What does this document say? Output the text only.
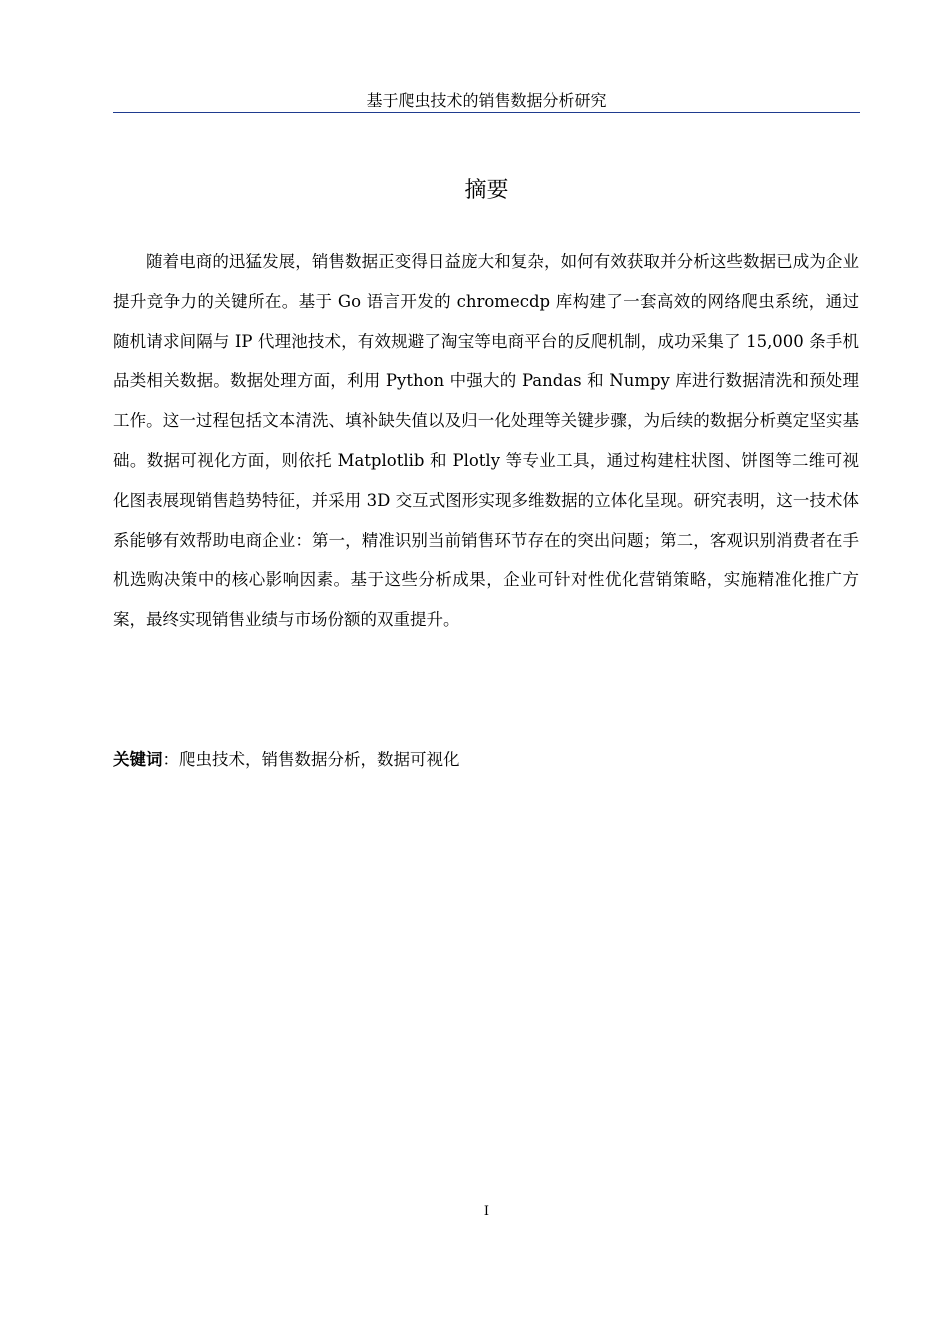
基于爬虫技术的销售数据分析研究
摘要

随着电商的迅猛发展，销售数据正变得日益庞大和复杂，如何有效获取并分析这些数据已成为企业提升竞争力的关键所在。基于 Go 语言开发的 chromecdp 库构建了一套高效的网络爬虫系统，通过随机请求间隔与 IP 代理池技术，有效规避了淘宝等电商平台的反爬机制，成功采集了 15,000 条手机品类相关数据。数据处理方面，利用 Python 中强大的 Pandas 和 Numpy 库进行数据清洗和预处理工作。这一过程包括文本清洗、填补缺失值以及归一化处理等关键步骤，为后续的数据分析奠定坚实基础。数据可视化方面，则依托 Matplotlib 和 Plotly 等专业工具，通过构建柱状图、饼图等二维可视化图表展现销售趋势特征，并采用 3D 交互式图形实现多维数据的立体化呈现。研究表明，这一技术体系能够有效帮助电商企业：第一，精准识别当前销售环节存在的突出问题；第二，客观识别消费者在手机选购决策中的核心影响因素。基于这些分析成果，企业可针对性优化营销策略，实施精准化推广方案，最终实现销售业绩与市场份额的双重提升。

关键词：爬虫技术，销售数据分析，数据可视化

I
